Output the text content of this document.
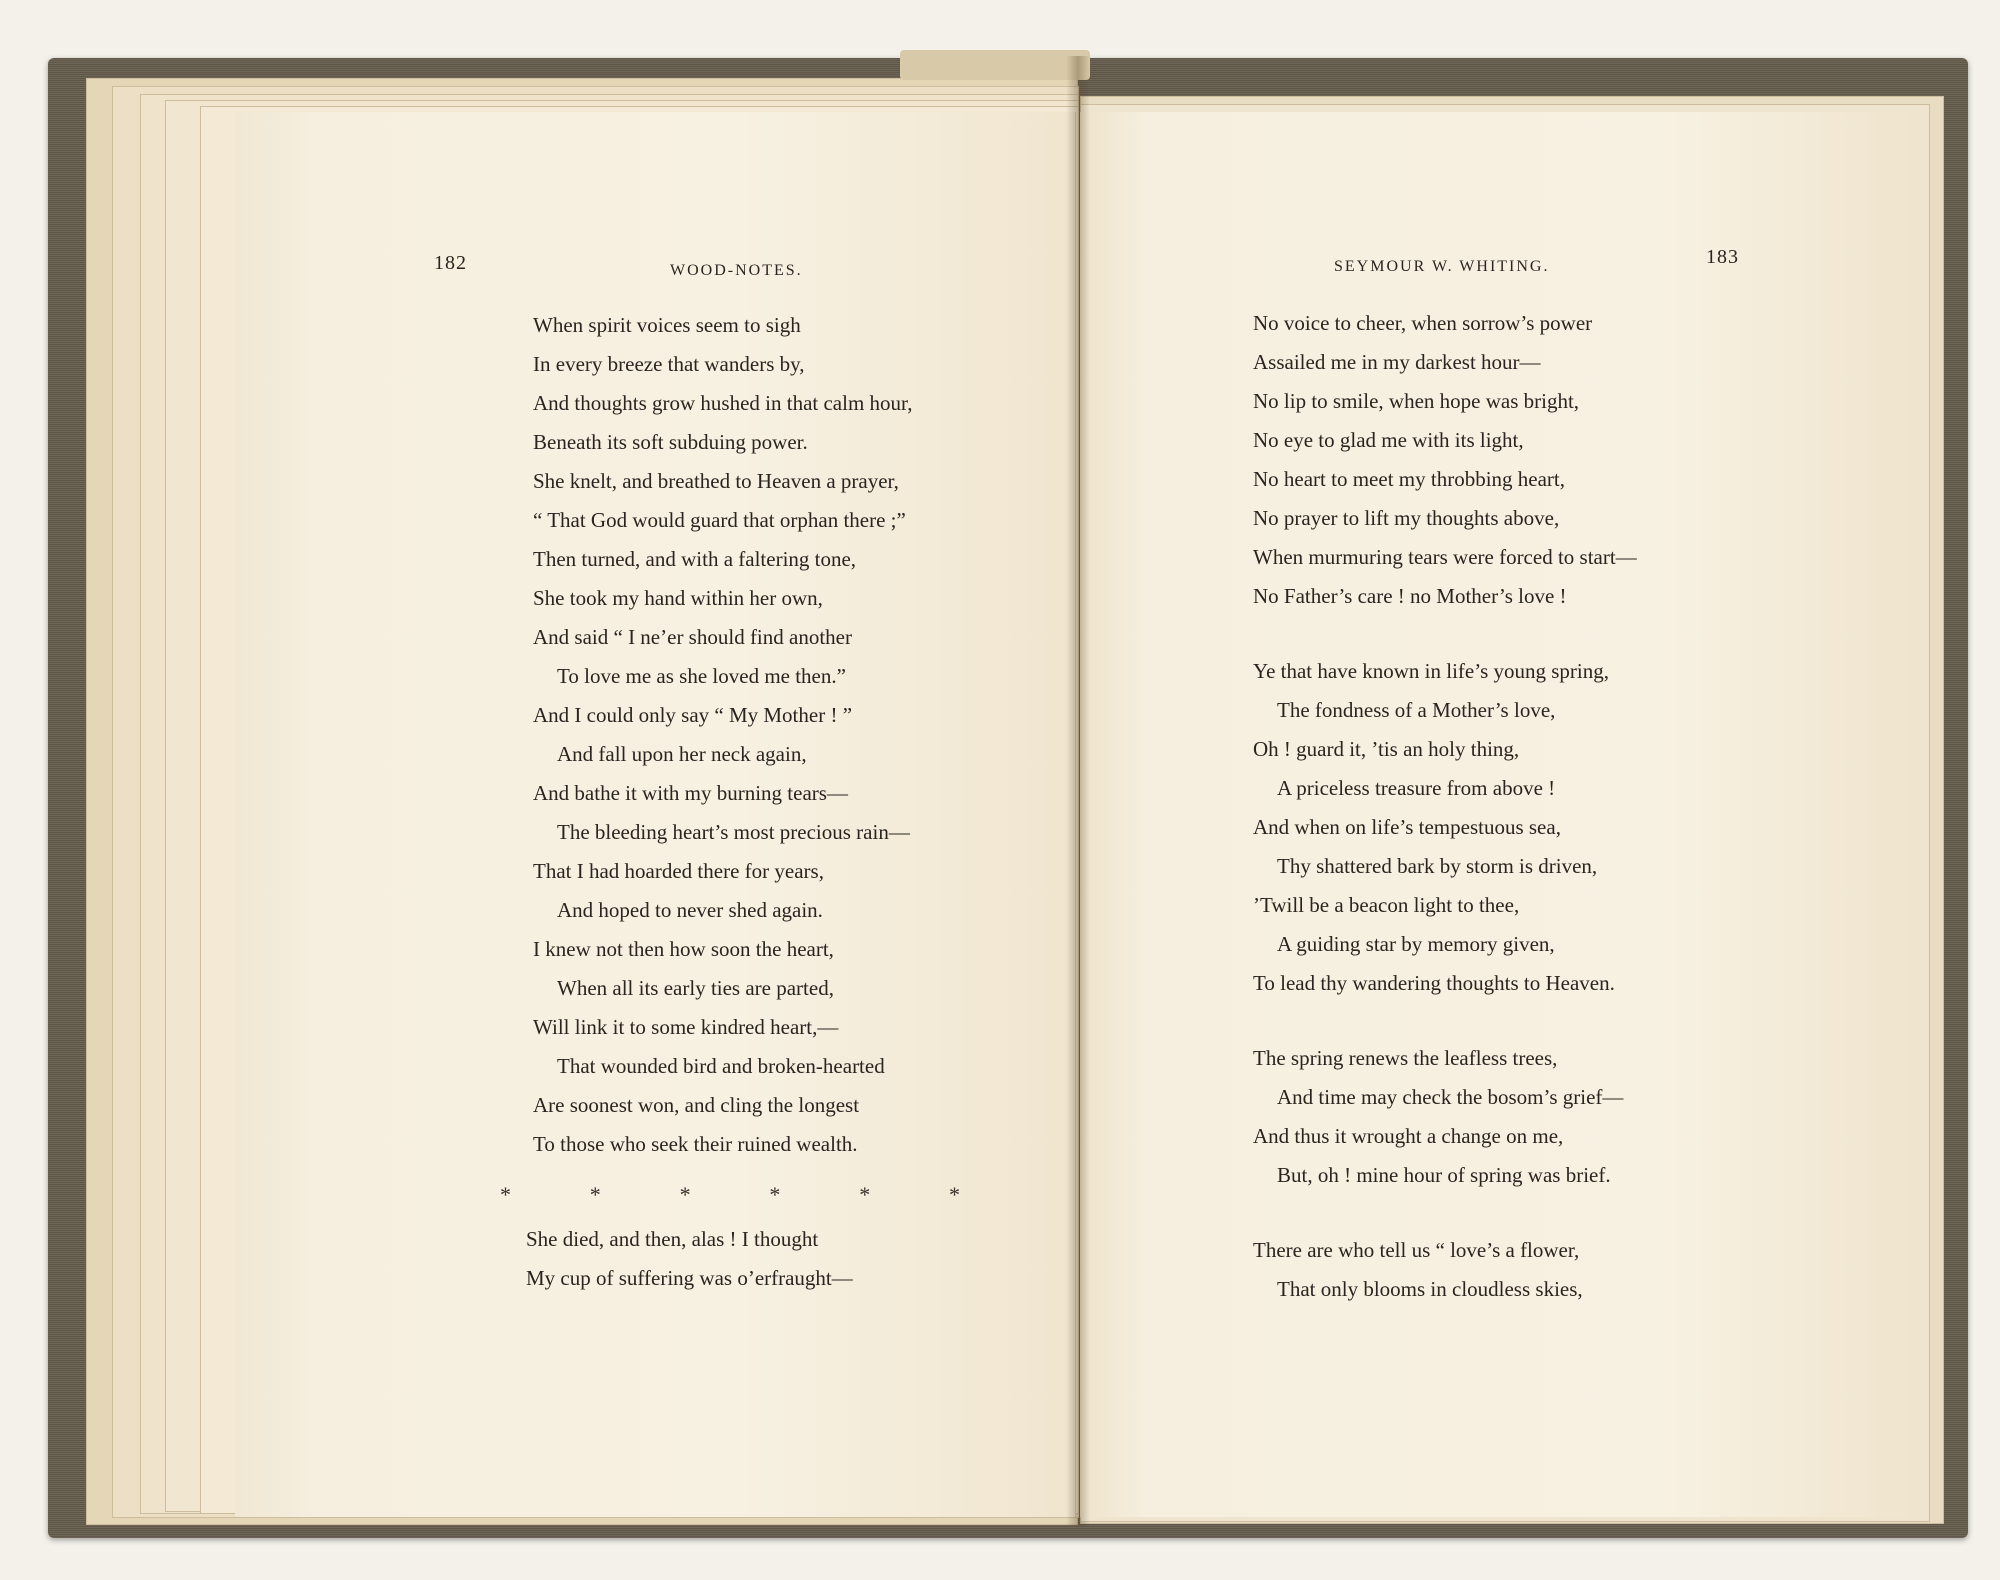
182	WOOD-NOTES.	SEYMOUR W. WHITING.	183
When spirit voices seem to sigh
In every breeze that wanders by,
And thoughts grow hushed in that calm hour,
Beneath its soft subduing power.
She knelt, and breathed to Heaven a prayer,
“ That God would guard that orphan there ;”
Then turned, and with a faltering tone,
She took my hand within her own,
And said “ I ne’er should find another
To love me as she loved me then.”
And I could only say “ My Mother ! ”
And fall upon her neck again,
And bathe it with my burning tears—
The bleeding heart’s most precious rain—
That I had hoarded there for years,
And hoped to never shed again.
I knew not then how soon the heart,
When all its early ties are parted,
Will link it to some kindred heart,—
That wounded bird and broken-hearted
Are soonest won, and cling the longest
To those who seek their ruined wealth.
*	*	*	*	*	*
She died, and then, alas ! I thought
My cup of suffering was o’erfraught—
No voice to cheer, when sorrow’s power
Assailed me in my darkest hour—
No lip to smile, when hope was bright,
No eye to glad me with its light,
No heart to meet my throbbing heart,
No prayer to lift my thoughts above,
When murmuring tears were forced to start—
No Father’s care ! no Mother’s love !
Ye that have known in life’s young spring,
The fondness of a Mother’s love,
Oh ! guard it, ’tis an holy thing,
A priceless treasure from above !
And when on life’s tempestuous sea,
Thy shattered bark by storm is driven,
’Twill be a beacon light to thee,
A guiding star by memory given,
To lead thy wandering thoughts to Heaven.
The spring renews the leafless trees,
And time may check the bosom’s grief—
And thus it wrought a change on me,
But, oh ! mine hour of spring was brief.
There are who tell us “ love’s a flower,
That only blooms in cloudless skies,
